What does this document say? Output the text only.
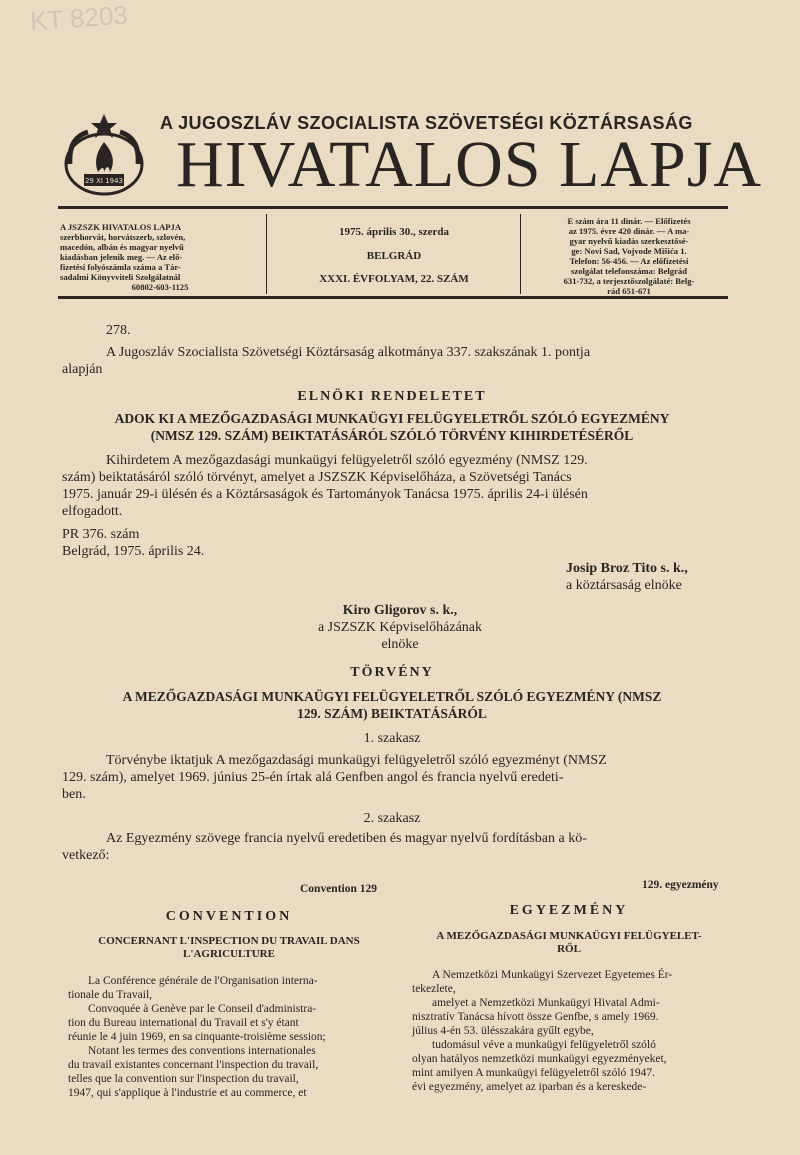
KT 8203
29 XI 1943
A JUGOSZLÁV SZOCIALISTA SZÖVETSÉGI KÖZTÁRSASÁG
HIVATALOS LAPJA
A JSZSZK HIVATALOS LAPJA
szerbhorvát, horvátszerb, szlovén,
macedón, albán és magyar nyelvű
kiadásban jelenik meg. — Az elő-
fizetési folyószámla száma a Tár-
sadalmi Könyvviteli Szolgálatnál
60802-603-1125
1975. április 30., szerda
BELGRÁD
XXXI. ÉVFOLYAM, 22. SZÁM
E szám ára 11 dinár. — Előfizetés
az 1975. évre 420 dinár. — A ma-
gyar nyelvű kiadás szerkesztősé-
ge: Novi Sad, Vojvode Mišića 1.
Telefon: 56-456. — Az előfizetési
szolgálat telefonszáma: Belgrád
631-732, a terjesztőszolgálaté: Belg-
rád 651-671
278.
A Jugoszláv Szocialista Szövetségi Köztársaság alkotmánya 337. szakszának 1. pontja
alapján
ELNÖKI RENDELETET
ADOK KI A MEZŐGAZDASÁGI MUNKAÜGYI FELÜGYELETRŐL SZÓLÓ EGYEZMÉNY
(NMSZ 129. SZÁM) BEIKTATÁSÁRÓL SZÓLÓ TÖRVÉNY KIHIRDETÉSÉRŐL
Kihirdetem A mezőgazdasági munkaügyi felügyeletről szóló egyezmény (NMSZ 129.
szám) beiktatásáról szóló törvényt, amelyet a JSZSZK Képviselőháza, a Szövetségi Tanács
1975. január 29-i ülésén és a Köztársaságok és Tartományok Tanácsa 1975. április 24-i ülésén
elfogadott.
PR 376. szám
Belgrád, 1975. április 24.
Josip Broz Tito s. k.,
a köztársaság elnöke
Kiro Gligorov s. k.,
a JSZSZK Képviselőházának
elnöke
TÖRVÉNY
A MEZŐGAZDASÁGI MUNKAÜGYI FELÜGYELETRŐL SZÓLÓ EGYEZMÉNY (NMSZ
129. SZÁM) BEIKTATÁSÁRÓL
1. szakasz
Törvénybe iktatjuk A mezőgazdasági munkaügyi felügyeletről szóló egyezményt (NMSZ
129. szám), amelyet 1969. június 25-én írtak alá Genfben angol és francia nyelvű eredeti-
ben.
2. szakasz
Az Egyezmény szövege francia nyelvű eredetiben és magyar nyelvű fordításban a kö-
vetkező:
Convention 129	129. egyezmény
CONVENTION	EGYEZMÉNY
CONCERNANT L'INSPECTION DU TRAVAIL DANS
L'AGRICULTURE
A MEZŐGAZDASÁGI MUNKAÜGYI FELÜGYELET-
RŐL
La Conférence générale de l'Organisation interna-
tionale du Travail,
Convoquée à Genève par le Conseil d'administra-
tion du Bureau international du Travail et s'y étant
réunie le 4 juin 1969, en sa cinquante-troisième session;
Notant les termes des conventions internationales
du travail existantes concernant l'inspection du travail,
telles que la convention sur l'inspection du travail,
1947, qui s'applique à l'industrie et au commerce, et
A Nemzetközi Munkaügyi Szervezet Egyetemes Ér-
tekezlete,
amelyet a Nemzetközi Munkaügyi Hivatal Admi-
nisztratív Tanácsa hívott össze Genfbe, s amely 1969.
július 4-én 53. ülésszakára gyűlt egybe,
tudomásul véve a munkaügyi felügyeletről szóló
olyan hatályos nemzetközi munkaügyi egyezményeket,
mint amilyen A munkaügyi felügyeletről szóló 1947.
évi egyezmény, amelyet az iparban és a kereskede-
